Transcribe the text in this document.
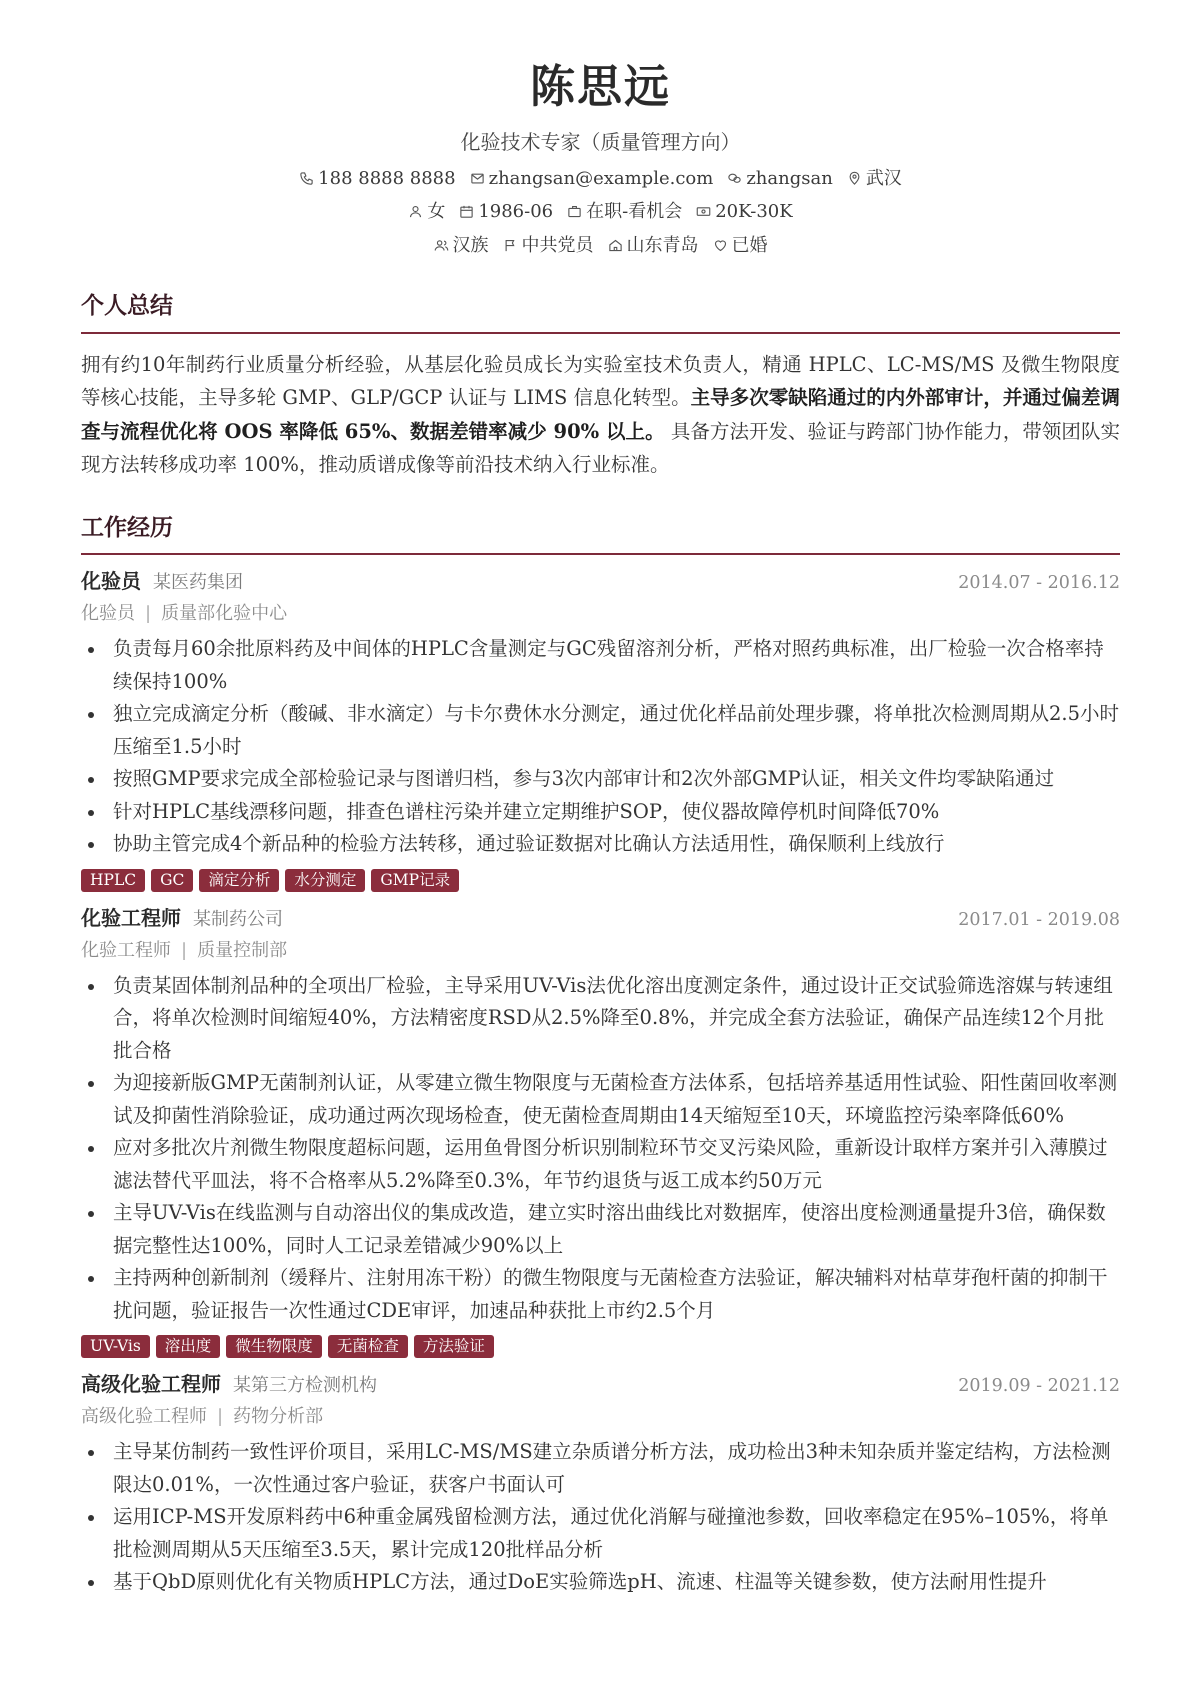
陈思远
化验技术专家（质量管理方向）
188 8888 8888 zhangsan@example.com zhangsan 武汉
女 1986-06 在职-看机会 20K-30K
汉族 中共党员 山东青岛 已婚
个人总结

拥有约10年制药行业质量分析经验，从基层化验员成长为实验室技术负责人，精通 HPLC、LC-MS/MS 及微生物限度等核心技能，主导多轮 GMP、GLP/GCP 认证与 LIMS 信息化转型。主导多次零缺陷通过的内外部审计，并通过偏差调查与流程优化将 OOS 率降低 65%、数据差错率减少 90% 以上。 具备方法开发、验证与跨部门协作能力，带领团队实现方法转移成功率 100%，推动质谱成像等前沿技术纳入行业标准。

工作经历
化验员 某医药集团	2014.07 - 2016.12
化验员 | 质量部化验中心
负责每月60余批原料药及中间体的HPLC含量测定与GC残留溶剂分析，严格对照药典标准，出厂检验一次合格率持续保持100%
独立完成滴定分析（酸碱、非水滴定）与卡尔费休水分测定，通过优化样品前处理步骤，将单批次检测周期从2.5小时压缩至1.5小时
按照GMP要求完成全部检验记录与图谱归档，参与3次内部审计和2次外部GMP认证，相关文件均零缺陷通过
针对HPLC基线漂移问题，排查色谱柱污染并建立定期维护SOP，使仪器故障停机时间降低70%
协助主管完成4个新品种的检验方法转移，通过验证数据对比确认方法适用性，确保顺利上线放行
HPLC	GC	滴定分析	水分测定	GMP记录
化验工程师 某制药公司	2017.01 - 2019.08
化验工程师 | 质量控制部
负责某固体制剂品种的全项出厂检验，主导采用UV-Vis法优化溶出度测定条件，通过设计正交试验筛选溶媒与转速组合，将单次检测时间缩短40%，方法精密度RSD从2.5%降至0.8%，并完成全套方法验证，确保产品连续12个月批批合格
为迎接新版GMP无菌制剂认证，从零建立微生物限度与无菌检查方法体系，包括培养基适用性试验、阳性菌回收率测试及抑菌性消除验证，成功通过两次现场检查，使无菌检查周期由14天缩短至10天，环境监控污染率降低60%
应对多批次片剂微生物限度超标问题，运用鱼骨图分析识别制粒环节交叉污染风险，重新设计取样方案并引入薄膜过滤法替代平皿法，将不合格率从5.2%降至0.3%，年节约退货与返工成本约50万元
主导UV-Vis在线监测与自动溶出仪的集成改造，建立实时溶出曲线比对数据库，使溶出度检测通量提升3倍，确保数据完整性达100%，同时人工记录差错减少90%以上
主持两种创新制剂（缓释片、注射用冻干粉）的微生物限度与无菌检查方法验证，解决辅料对枯草芽孢杆菌的抑制干扰问题，验证报告一次性通过CDE审评，加速品种获批上市约2.5个月
UV-Vis	溶出度	微生物限度	无菌检查	方法验证
高级化验工程师 某第三方检测机构	2019.09 - 2021.12
高级化验工程师 | 药物分析部
主导某仿制药一致性评价项目，采用LC-MS/MS建立杂质谱分析方法，成功检出3种未知杂质并鉴定结构，方法检测限达0.01%，一次性通过客户验证，获客户书面认可
运用ICP-MS开发原料药中6种重金属残留检测方法，通过优化消解与碰撞池参数，回收率稳定在95%–105%，将单批检测周期从5天压缩至3.5天，累计完成120批样品分析
基于QbD原则优化有关物质HPLC方法，通过DoE实验筛选pH、流速、柱温等关键参数，使方法耐用性提升
